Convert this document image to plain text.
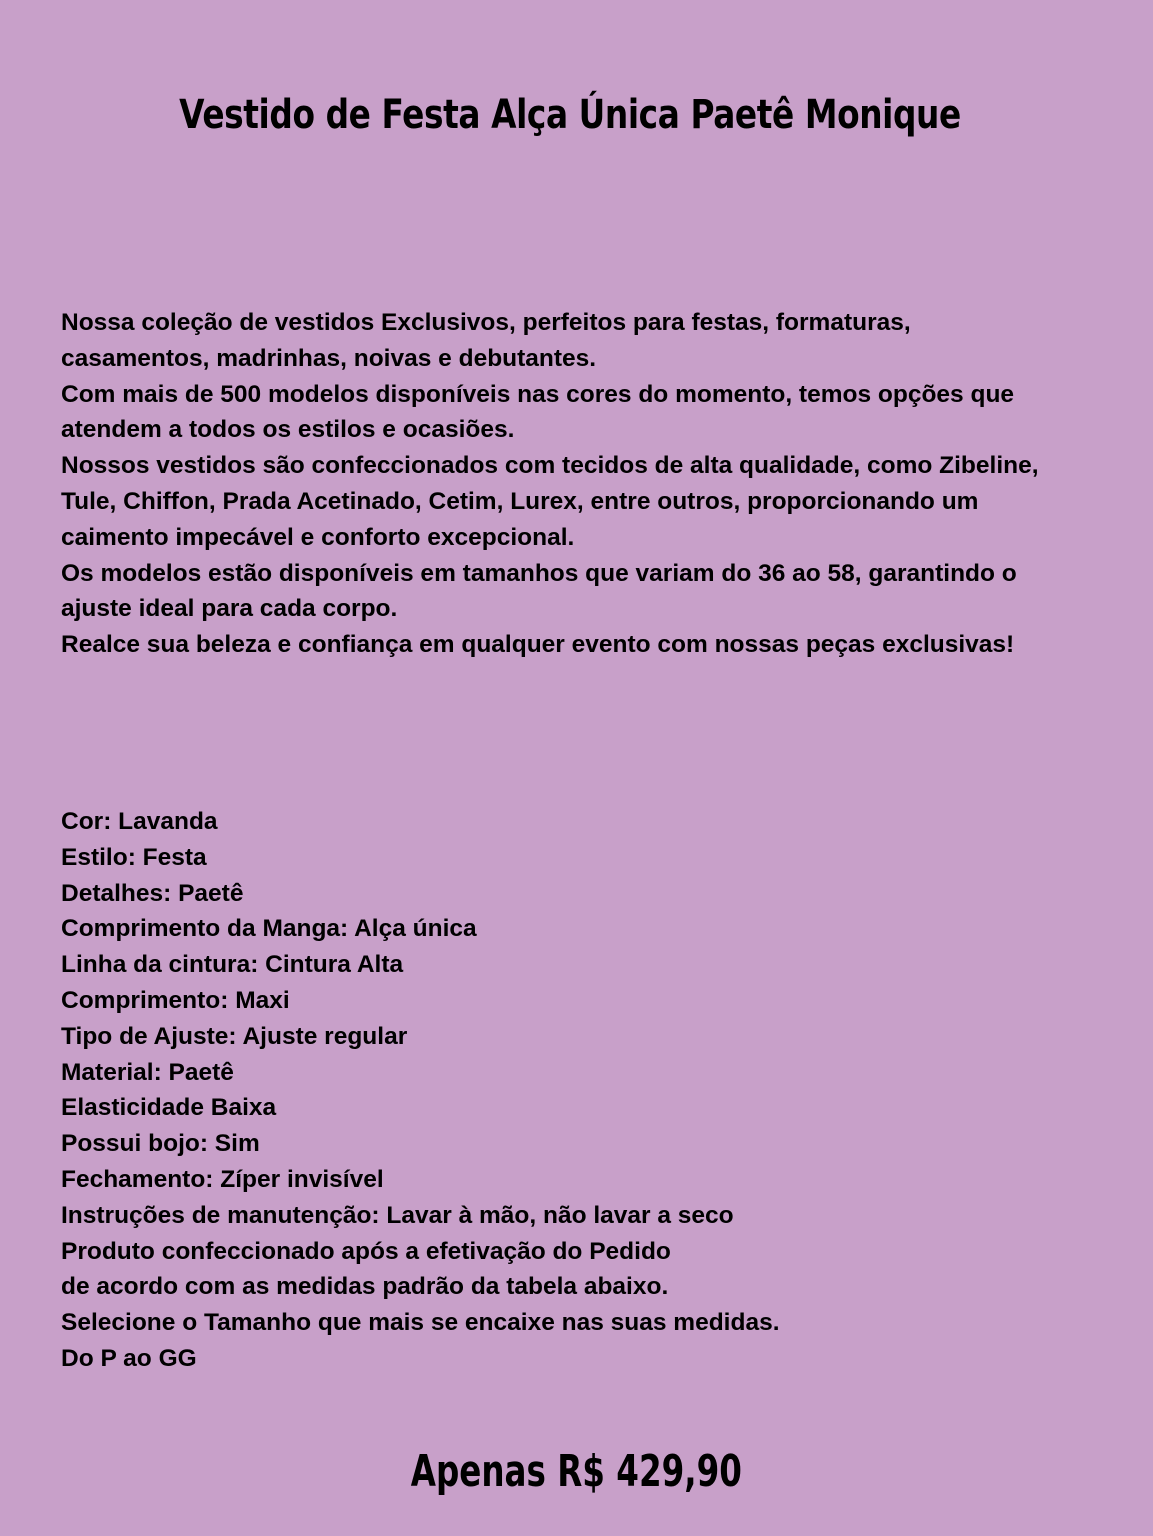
Vestido de Festa Alça Única Paetê Monique

Nossa coleção de vestidos Exclusivos, perfeitos para festas, formaturas, casamentos, madrinhas, noivas e debutantes.

Com mais de 500 modelos disponíveis nas cores do momento, temos opções que atendem a todos os estilos e ocasiões.

Nossos vestidos são confeccionados com tecidos de alta qualidade, como Zibeline, Tule, Chiffon, Prada Acetinado, Cetim, Lurex, entre outros, proporcionando um caimento impecável e conforto excepcional.

Os modelos estão disponíveis em tamanhos que variam do 36 ao 58, garantindo o ajuste ideal para cada corpo.

Realce sua beleza e confiança em qualquer evento com nossas peças exclusivas!

Cor: Lavanda
Estilo: Festa
Detalhes: Paetê
Comprimento da Manga: Alça única
Linha da cintura: Cintura Alta
Comprimento: Maxi
Tipo de Ajuste: Ajuste regular
Material: Paetê
Elasticidade Baixa
Possui bojo: Sim
Fechamento: Zíper invisível
Instruções de manutenção: Lavar à mão, não lavar a seco
Produto confeccionado após a efetivação do Pedido
de acordo com as medidas padrão da tabela abaixo.
Selecione o Tamanho que mais se encaixe nas suas medidas.
Do P ao GG
Apenas R$ 429,90
